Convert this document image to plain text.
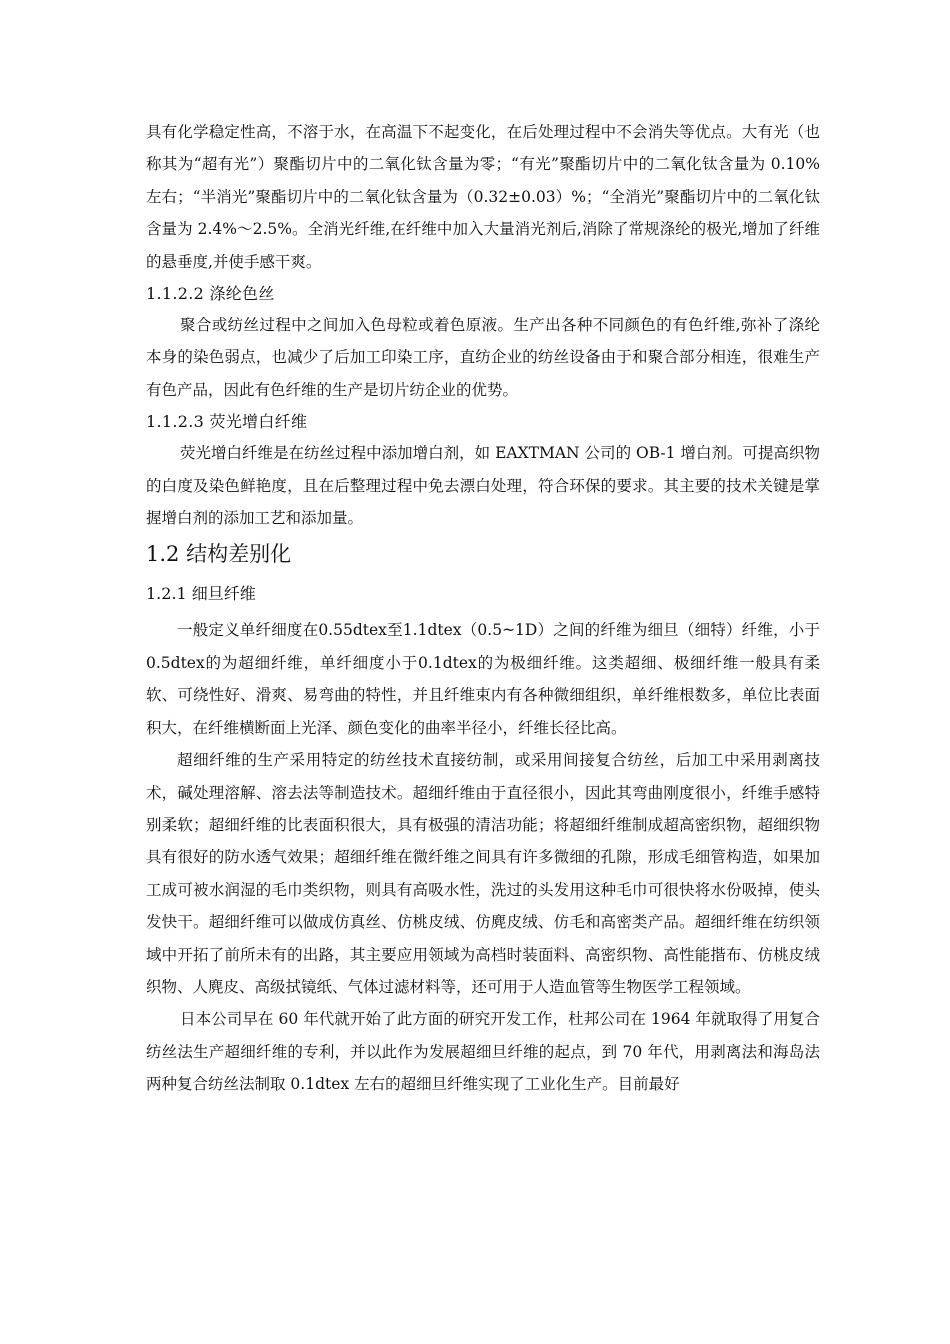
具有化学稳定性高，不溶于水，在高温下不起变化，在后处理过程中不会消失等优点。大有光（也称其为“超有光”）聚酯切片中的二氧化钛含量为零；“有光”聚酯切片中的二氧化钛含量为 0.10%左右；“半消光”聚酯切片中的二氧化钛含量为（0.32±0.03）%；“全消光”聚酯切片中的二氧化钛含量为 2.4%～2.5%。全消光纤维,在纤维中加入大量消光剂后,消除了常规涤纶的极光,增加了纤维的悬垂度,并使手感干爽。

1.1.2.2 涤纶色丝

聚合或纺丝过程中之间加入色母粒或着色原液。生产出各种不同颜色的有色纤维,弥补了涤纶本身的染色弱点，也减少了后加工印染工序，直纺企业的纺丝设备由于和聚合部分相连，很难生产有色产品，因此有色纤维的生产是切片纺企业的优势。

1.1.2.3 荧光增白纤维

荧光增白纤维是在纺丝过程中添加增白剂，如 EAXTMAN 公司的 OB-1 增白剂。可提高织物的白度及染色鲜艳度，且在后整理过程中免去漂白处理，符合环保的要求。其主要的技术关键是掌握增白剂的添加工艺和添加量。

1.2 结构差别化

1.2.1 细旦纤维

一般定义单纤细度在0.55dtex至1.1dtex（0.5~1D）之间的纤维为细旦（细特）纤维，小于0.5dtex的为超细纤维，单纤细度小于0.1dtex的为极细纤维。这类超细、极细纤维一般具有柔软、可绕性好、滑爽、易弯曲的特性，并且纤维束内有各种微细组织，单纤维根数多，单位比表面积大，在纤维横断面上光泽、颜色变化的曲率半径小，纤维长径比高。

超细纤维的生产采用特定的纺丝技术直接纺制，或采用间接复合纺丝，后加工中采用剥离技术，碱处理溶解、溶去法等制造技术。超细纤维由于直径很小，因此其弯曲刚度很小，纤维手感特别柔软；超细纤维的比表面积很大，具有极强的清洁功能；将超细纤维制成超高密织物，超细织物具有很好的防水透气效果；超细纤维在微纤维之间具有许多微细的孔隙，形成毛细管构造，如果加工成可被水润湿的毛巾类织物，则具有高吸水性，洗过的头发用这种毛巾可很快将水份吸掉，使头发快干。超细纤维可以做成仿真丝、仿桃皮绒、仿麂皮绒、仿毛和高密类产品。超细纤维在纺织领域中开拓了前所未有的出路，其主要应用领域为高档时装面料、高密织物、高性能揩布、仿桃皮绒织物、人麂皮、高级拭镜纸、气体过滤材料等，还可用于人造血管等生物医学工程领域。

日本公司早在 60 年代就开始了此方面的研究开发工作，杜邦公司在 1964 年就取得了用复合纺丝法生产超细纤维的专利，并以此作为发展超细旦纤维的起点，到 70 年代，用剥离法和海岛法两种复合纺丝法制取 0.1dtex 左右的超细旦纤维实现了工业化生产。目前最好
